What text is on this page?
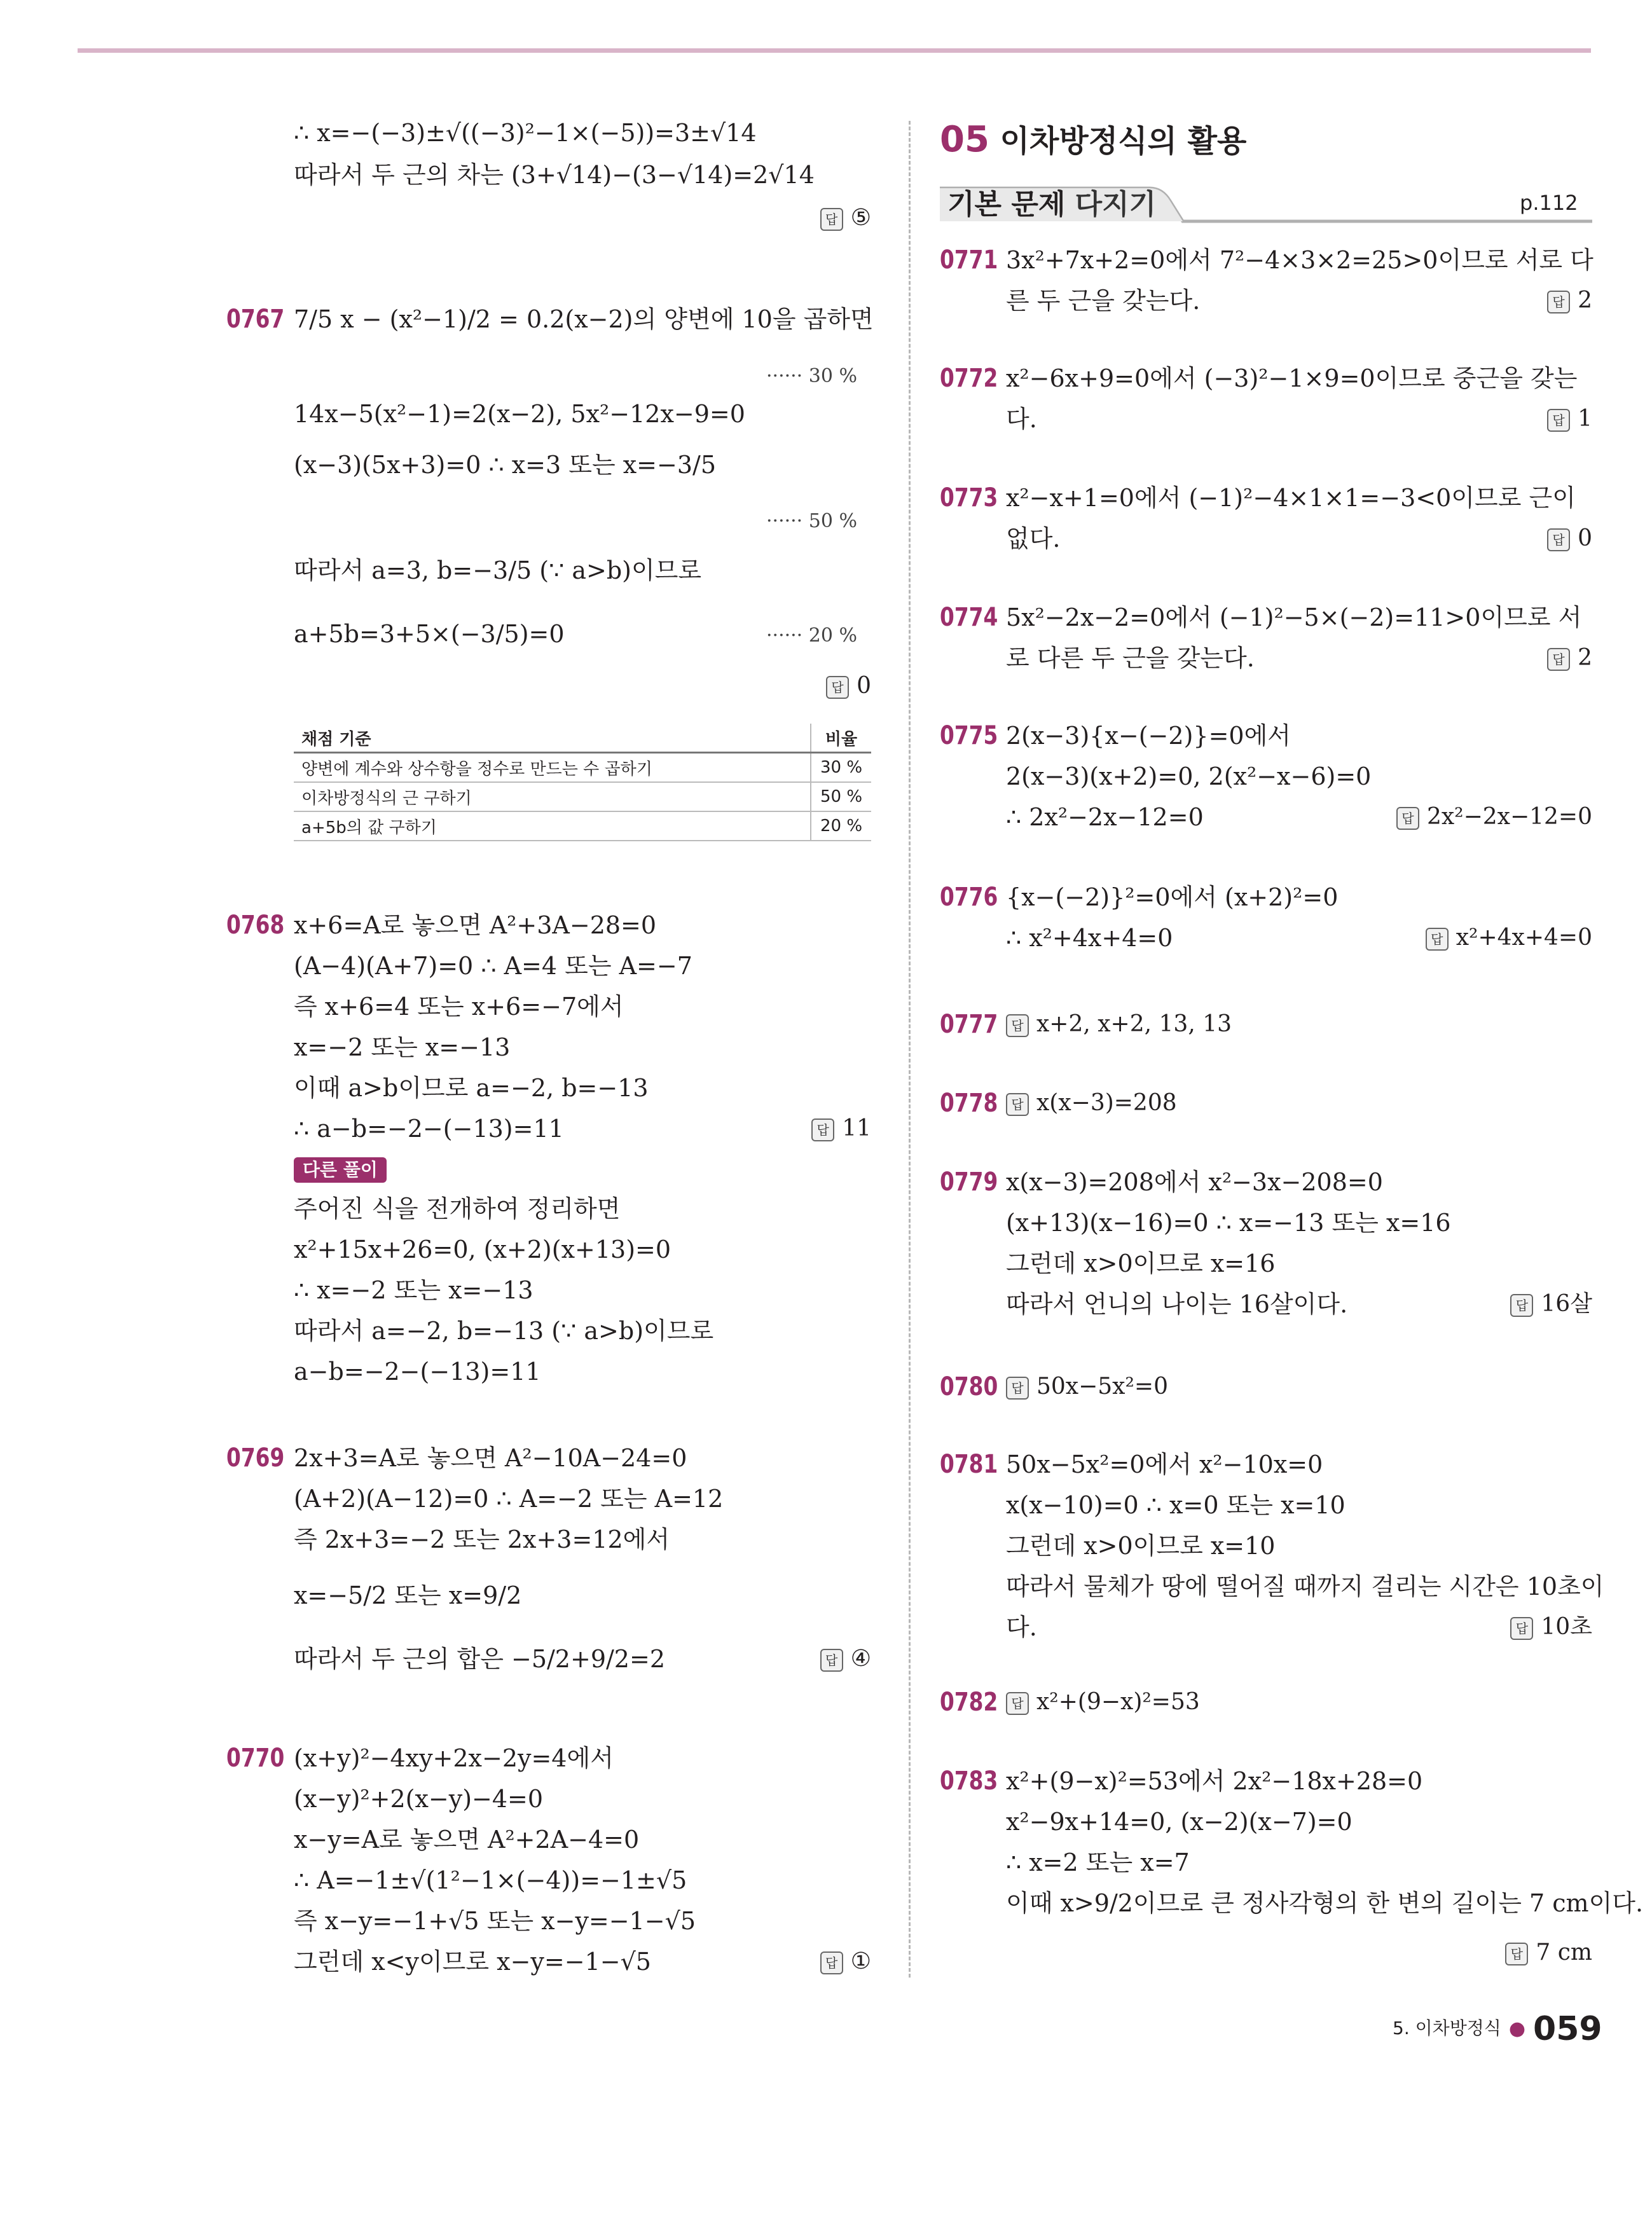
∴ x=−(−3)±√((−3)²−1×(−5))=3±√14
따라서 두 근의 차는 (3+√14)−(3−√14)=2√14
답 ⑤
0767 7/5 x − (x²−1)/2 = 0.2(x−2)의 양변에 10을 곱하면
······ 30 %
14x−5(x²−1)=2(x−2), 5x²−12x−9=0
(x−3)(5x+3)=0 ∴ x=3 또는 x=−3/5
······ 50 %
따라서 a=3, b=−3/5 (∵ a>b)이므로
a+5b=3+5×(−3/5)=0	······ 20 %
답 0
채점 기준	비율
양변에 계수와 상수항을 정수로 만드는 수 곱하기	30 %
이차방정식의 근 구하기	50 %
a+5b의 값 구하기	20 %
0768 x+6=A로 놓으면 A²+3A−28=0
(A−4)(A+7)=0 ∴ A=4 또는 A=−7
즉 x+6=4 또는 x+6=−7에서
x=−2 또는 x=−13
이때 a>b이므로 a=−2, b=−13
∴ a−b=−2−(−13)=11	답 11
다른 풀이
주어진 식을 전개하여 정리하면
x²+15x+26=0, (x+2)(x+13)=0
∴ x=−2 또는 x=−13
따라서 a=−2, b=−13 (∵ a>b)이므로
a−b=−2−(−13)=11
0769 2x+3=A로 놓으면 A²−10A−24=0
(A+2)(A−12)=0 ∴ A=−2 또는 A=12
즉 2x+3=−2 또는 2x+3=12에서
x=−5/2 또는 x=9/2
따라서 두 근의 합은 −5/2+9/2=2	답 ④
0770 (x+y)²−4xy+2x−2y=4에서
(x−y)²+2(x−y)−4=0
x−y=A로 놓으면 A²+2A−4=0
∴ A=−1±√(1²−1×(−4))=−1±√5
즉 x−y=−1+√5 또는 x−y=−1−√5
그런데 x<y이므로 x−y=−1−√5	답 ①
05 이차방정식의 활용
기본 문제 다지기	p.112
0771 3x²+7x+2=0에서 7²−4×3×2=25>0이므로 서로 다
른 두 근을 갖는다.	답 2
0772 x²−6x+9=0에서 (−3)²−1×9=0이므로 중근을 갖는
다.	답 1
0773 x²−x+1=0에서 (−1)²−4×1×1=−3<0이므로 근이
없다.	답 0
0774 5x²−2x−2=0에서 (−1)²−5×(−2)=11>0이므로 서
로 다른 두 근을 갖는다.	답 2
0775 2(x−3){x−(−2)}=0에서
2(x−3)(x+2)=0, 2(x²−x−6)=0
∴ 2x²−2x−12=0	답 2x²−2x−12=0
0776 {x−(−2)}²=0에서 (x+2)²=0
∴ x²+4x+4=0	답 x²+4x+4=0
0777	답 x+2, x+2, 13, 13
0778	답 x(x−3)=208
0779 x(x−3)=208에서 x²−3x−208=0
(x+13)(x−16)=0 ∴ x=−13 또는 x=16
그런데 x>0이므로 x=16
따라서 언니의 나이는 16살이다.	답 16살
0780	답 50x−5x²=0
0781 50x−5x²=0에서 x²−10x=0
x(x−10)=0 ∴ x=0 또는 x=10
그런데 x>0이므로 x=10
따라서 물체가 땅에 떨어질 때까지 걸리는 시간은 10초이
다.	답 10초
0782	답 x²+(9−x)²=53
0783 x²+(9−x)²=53에서 2x²−18x+28=0
x²−9x+14=0, (x−2)(x−7)=0
∴ x=2 또는 x=7
이때 x>9/2이므로 큰 정사각형의 한 변의 길이는 7 cm이다.
답 7 cm
5. 이차방정식 ● 059
